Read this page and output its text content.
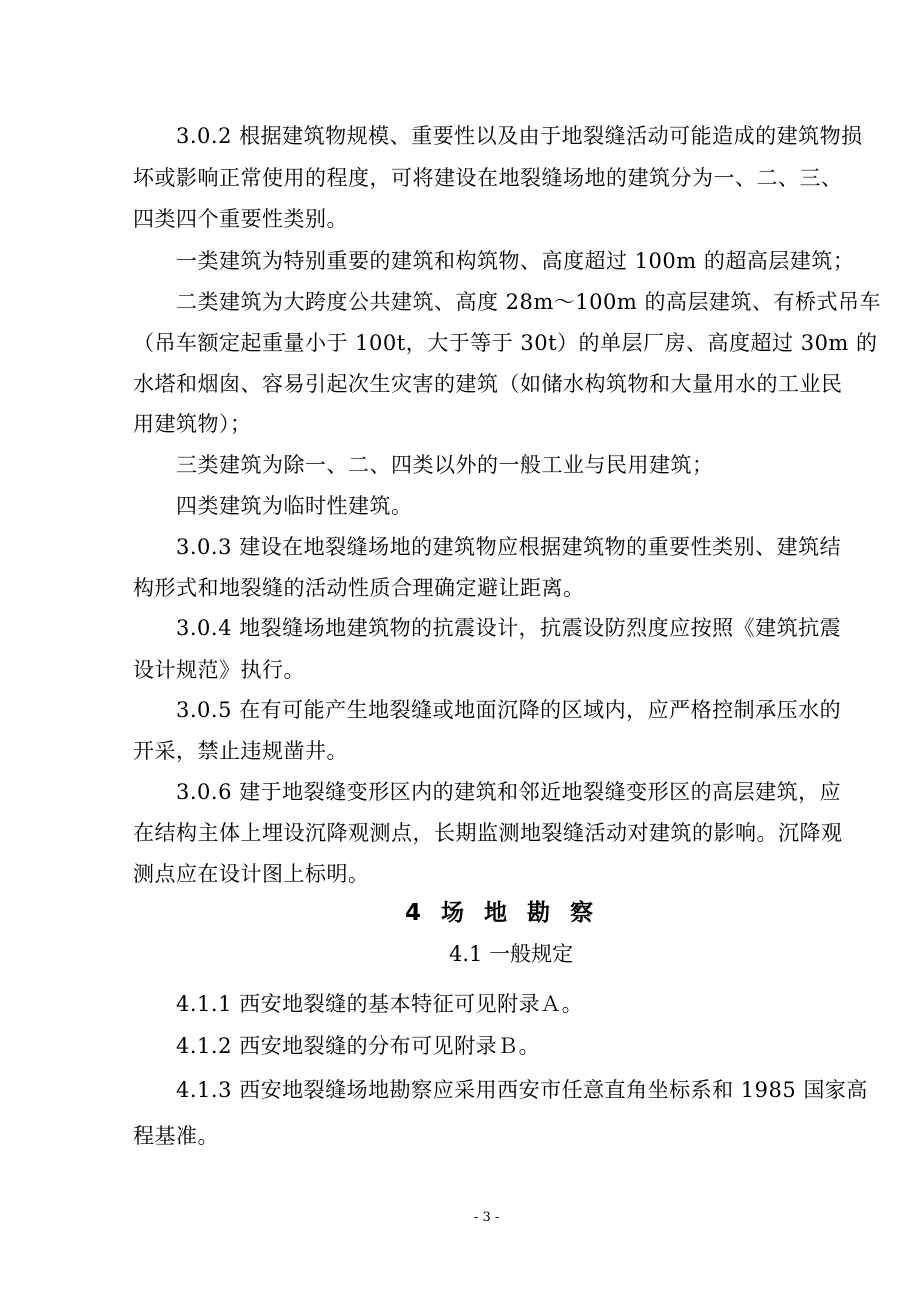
3.0.2 根据建筑物规模、重要性以及由于地裂缝活动可能造成的建筑物损
坏或影响正常使用的程度，可将建设在地裂缝场地的建筑分为一、二、三、
四类四个重要性类别。
一类建筑为特别重要的建筑和构筑物、高度超过 100m 的超高层建筑；
二类建筑为大跨度公共建筑、高度 28m～100m 的高层建筑、有桥式吊车
（吊车额定起重量小于 100t，大于等于 30t）的单层厂房、高度超过 30m 的
水塔和烟囱、容易引起次生灾害的建筑（如储水构筑物和大量用水的工业民
用建筑物）；
三类建筑为除一、二、四类以外的一般工业与民用建筑；
四类建筑为临时性建筑。
3.0.3 建设在地裂缝场地的建筑物应根据建筑物的重要性类别、建筑结
构形式和地裂缝的活动性质合理确定避让距离。
3.0.4 地裂缝场地建筑物的抗震设计，抗震设防烈度应按照《建筑抗震
设计规范》执行。
3.0.5 在有可能产生地裂缝或地面沉降的区域内，应严格控制承压水的
开采，禁止违规凿井。
3.0.6 建于地裂缝变形区内的建筑和邻近地裂缝变形区的高层建筑，应
在结构主体上埋设沉降观测点，长期监测地裂缝活动对建筑的影响。沉降观
测点应在设计图上标明。
4 场 地 勘 察
4.1 一般规定
4.1.1 西安地裂缝的基本特征可见附录Ａ。
4.1.2 西安地裂缝的分布可见附录Ｂ。
4.1.3 西安地裂缝场地勘察应采用西安市任意直角坐标系和 1985 国家高
程基准。
- 3 -
